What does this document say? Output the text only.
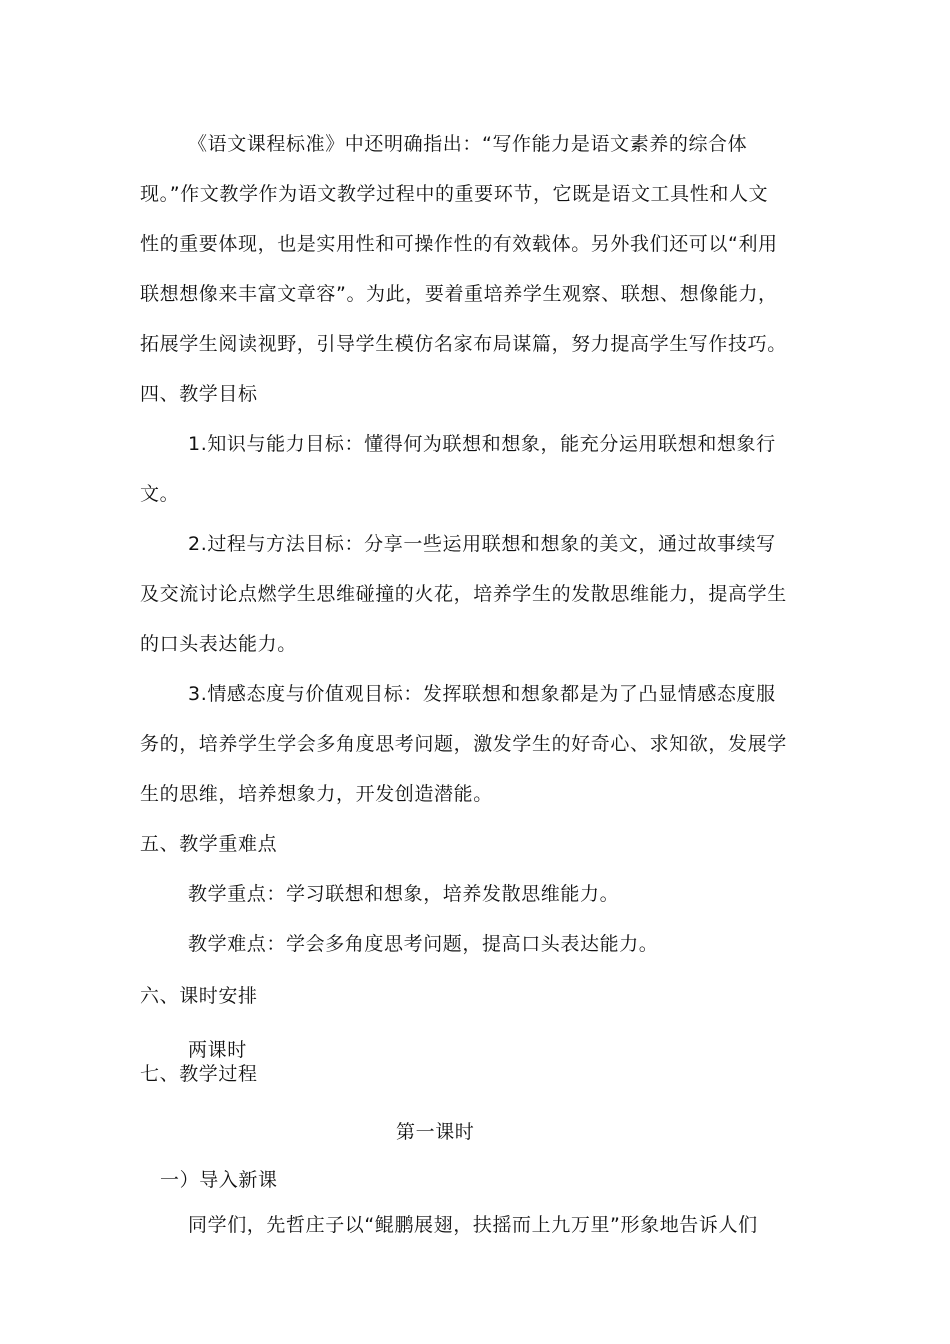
《语文课程标准》中还明确指出：“写作能力是语文素养的综合体
现。”作文教学作为语文教学过程中的重要环节，它既是语文工具性和人文
性的重要体现，也是实用性和可操作性的有效载体。另外我们还可以“利用
联想想像来丰富文章容”。为此，要着重培养学生观察、联想、想像能力，
拓展学生阅读视野，引导学生模仿名家布局谋篇，努力提高学生写作技巧。
四、教学目标
1.知识与能力目标：懂得何为联想和想象，能充分运用联想和想象行
文。
2.过程与方法目标：分享一些运用联想和想象的美文，通过故事续写
及交流讨论点燃学生思维碰撞的火花，培养学生的发散思维能力，提高学生
的口头表达能力。
3.情感态度与价值观目标：发挥联想和想象都是为了凸显情感态度服
务的，培养学生学会多角度思考问题，激发学生的好奇心、求知欲，发展学
生的思维，培养想象力，开发创造潜能。
五、教学重难点
教学重点：学习联想和想象，培养发散思维能力。
教学难点：学会多角度思考问题，提高口头表达能力。
六、课时安排
两课时
七、教学过程
第一课时
一）导入新课
同学们，先哲庄子以“鲲鹏展翅，扶摇而上九万里”形象地告诉人们
